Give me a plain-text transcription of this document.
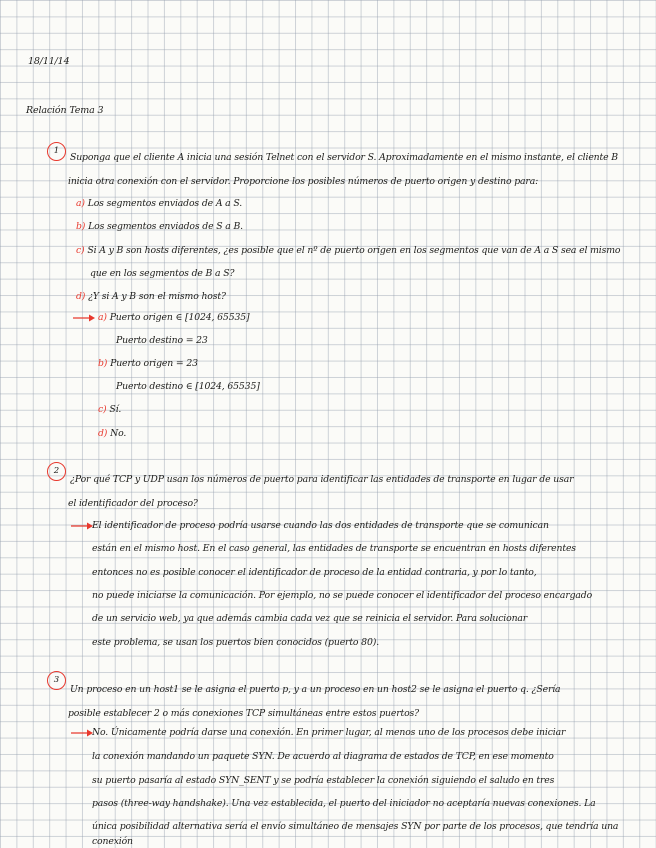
18/11/14
Relación Tema 3
1
Suponga que el cliente A inicia una sesión Telnet con el servidor S. Aproximadamente en el mismo instante, el cliente B
inicia otra conexión con el servidor. Proporcione los posibles números de puerto origen y destino para:
a) Los segmentos enviados de A a S.
b) Los segmentos enviados de S a B.
c) Si A y B son hosts diferentes, ¿es posible que el nº de puerto origen en los segmentos que van de A a S sea el mismo
que en los segmentos de B a S?
d) ¿Y si A y B son el mismo host?
a) Puerto origen ∈ [1024, 65535]
Puerto destino = 23
b) Puerto origen = 23
Puerto destino ∈ [1024, 65535]
c) Sí.
d) No.
2
¿Por qué TCP y UDP usan los números de puerto para identificar las entidades de transporte en lugar de usar
el identificador del proceso?
El identificador de proceso podría usarse cuando las dos entidades de transporte que se comunican
están en el mismo host. En el caso general, las entidades de transporte se encuentran en hosts diferentes
entonces no es posible conocer el identificador de proceso de la entidad contraria, y por lo tanto,
no puede iniciarse la comunicación. Por ejemplo, no se puede conocer el identificador del proceso encargado
de un servicio web, ya que además cambia cada vez que se reinicia el servidor. Para solucionar
este problema, se usan los puertos bien conocidos (puerto 80).
3
Un proceso en un host1 se le asigna el puerto p, y a un proceso en un host2 se le asigna el puerto q. ¿Sería
posible establecer 2 o más conexiones TCP simultáneas entre estos puertos?
No. Únicamente podría darse una conexión. En primer lugar, al menos uno de los procesos debe iniciar
la conexión mandando un paquete SYN. De acuerdo al diagrama de estados de TCP, en ese momento
su puerto pasaría al estado SYN_SENT y se podría establecer la conexión siguiendo el saludo en tres
pasos (three-way handshake). Una vez establecida, el puerto del iniciador no aceptaría nuevas conexiones. La
única posibilidad alternativa sería el envío simultáneo de mensajes SYN por parte de los procesos, que tendría una
conexión
